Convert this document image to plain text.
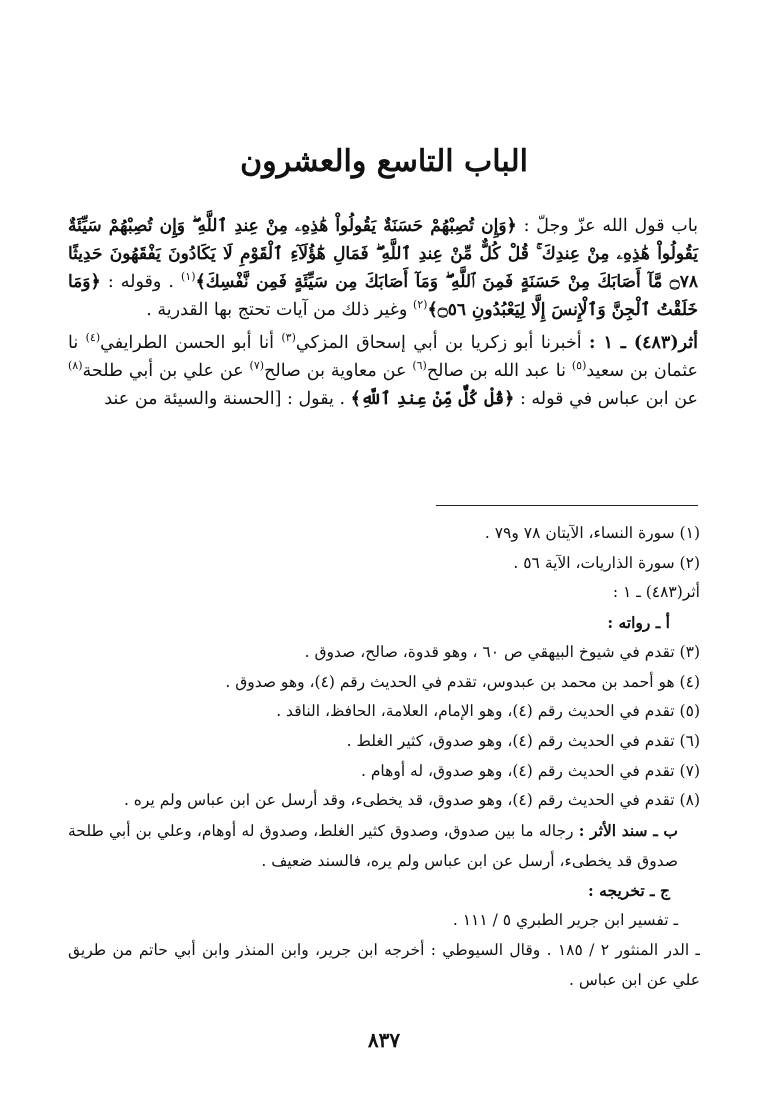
الباب التاسع والعشرون

باب قول الله عزّ وجلّ : ﴿وَإِن تُصِبْهُمْ حَسَنَةٌ يَقُولُواْ هَٰذِهِۦ مِنْ عِندِ ٱللَّهِ ۖ وَإِن تُصِبْهُمْ سَيِّئَةٌ يَقُولُواْ هَٰذِهِۦ مِنْ عِندِكَ ۚ قُلْ كُلٌّ مِّنْ عِندِ ٱللَّهِ ۖ فَمَالِ هَٰٓؤُلَآءِ ٱلْقَوْمِ لَا يَكَادُونَ يَفْقَهُونَ حَدِيثًا ۝٧٨ مَّآ أَصَابَكَ مِنْ حَسَنَةٍ فَمِنَ ٱللَّهِ ۖ وَمَآ أَصَابَكَ مِن سَيِّئَةٍ فَمِن نَّفْسِكَ﴾$^{(١)}$ . وقوله : ﴿وَمَا خَلَقْتُ ٱلْجِنَّ وَٱلْإِنسَ إِلَّا لِيَعْبُدُونِ ۝٥٦﴾$^{(٢)}$ وغير ذلك من آيات تحتج بها القدرية .

أثر(٤٨٣) ـ ١ : أخبرنا أبو زكريا بن أبي إسحاق المزكي$^{(٣)}$ أنا أبو الحسن الطرايفي$^{(٤)}$ نا عثمان بن سعيد$^{(٥)}$ نا عبد الله بن صالح$^{(٦)}$ عن معاوية بن صالح$^{(٧)}$ عن علي بن أبي طلحة$^{(٨)}$ عن ابن عباس في قوله : ﴿قُلْ كُلٌّ مِّنْ عِندِ ٱللَّهِ﴾ . يقول : [الحسنة والسيئة من عند

(١) سورة النساء، الآيتان ٧٨ و٧٩ .
(٢) سورة الذاريات، الآية ٥٦ .
أثر(٤٨٣) ـ ١ :
أ ـ رواته :
(٣) تقدم في شيوخ البيهقي ص ٦٠ ، وهو قدوة، صالح، صدوق .
(٤) هو أحمد بن محمد بن عبدوس، تقدم في الحديث رقم (٤)، وهو صدوق .
(٥) تقدم في الحديث رقم (٤)، وهو الإمام، العلامة، الحافظ، الناقد .
(٦) تقدم في الحديث رقم (٤)، وهو صدوق، كثير الغلط .
(٧) تقدم في الحديث رقم (٤)، وهو صدوق، له أوهام .
(٨) تقدم في الحديث رقم (٤)، وهو صدوق، قد يخطىء، وقد أرسل عن ابن عباس ولم يره .
ب ـ سند الأثر : رجاله ما بين صدوق، وصدوق كثير الغلط، وصدوق له أوهام، وعلي بن أبي طلحة صدوق قد يخطىء، أرسل عن ابن عباس ولم يره، فالسند ضعيف .
ج ـ تخريجه :
ـ تفسير ابن جرير الطبري ٥ / ١١١ .
ـ الدر المنثور ٢ / ١٨٥ . وقال السيوطي : أخرجه ابن جرير، وابن المنذر وابن أبي حاتم من طريق علي عن ابن عباس .
٨٣٧
